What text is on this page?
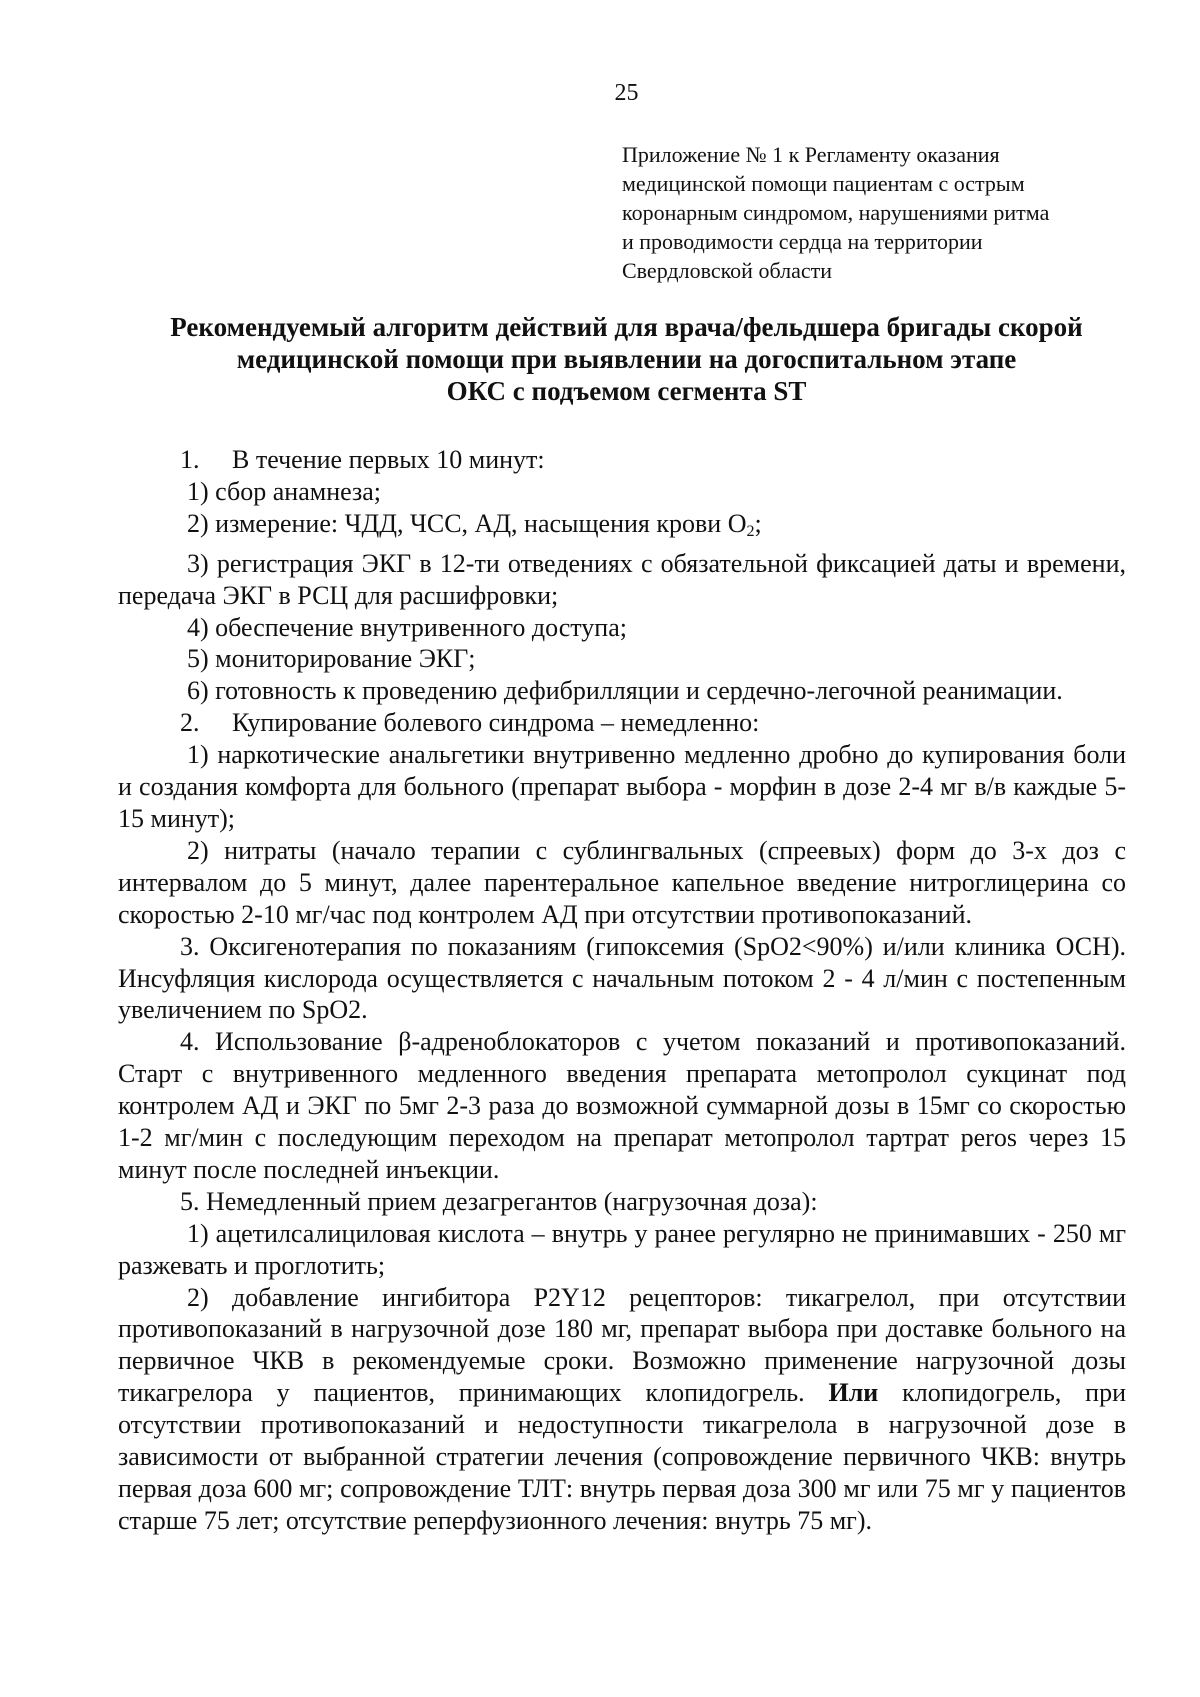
25
Приложение № 1 к Регламенту оказания
медицинской помощи пациентам с острым
коронарным синдромом, нарушениями ритма
и проводимости сердца на территории
Свердловской области
Рекомендуемый алгоритм действий для врача/фельдшера бригады скорой
медицинской помощи при выявлении на догоспитальном этапе
ОКС с подъемом сегмента ST

1.  В течение первых 10 минут:

1) сбор анамнеза;

2) измерение: ЧДД, ЧСС, АД, насыщения крови $О_2$;

3) регистрация ЭКГ в 12-ти отведениях с обязательной фиксацией даты и времени, передача ЭКГ в РСЦ для расшифровки;

4) обеспечение внутривенного доступа;

5) мониторирование ЭКГ;

6) готовность к проведению дефибрилляции и сердечно-легочной реанимации.

2.  Купирование болевого синдрома – немедленно:

1) наркотические анальгетики внутривенно медленно дробно до купирования боли и создания комфорта для больного (препарат выбора - морфин в дозе 2-4 мг в/в каждые 5-15 минут);

2) нитраты (начало терапии с сублингвальных (спреевых) форм до 3-х доз с интервалом до 5 минут, далее парентеральное капельное введение нитроглицерина со скоростью 2-10 мг/час под контролем АД при отсутствии противопоказаний.

3. Оксигенотерапия по показаниям (гипоксемия (SpO2<90%) и/или клиника ОСН). Инсуфляция кислорода осуществляется с начальным потоком 2 - 4 л/мин с постепенным увеличением по SpO2.

4. Использование β-адреноблокаторов с учетом показаний и противопоказаний. Старт с внутривенного медленного введения препарата метопролол сукцинат под контролем АД и ЭКГ по 5мг 2-3 раза до возможной суммарной дозы в 15мг со скоростью 1-2 мг/мин с последующим переходом на препарат метопролол тартрат peros через 15 минут после последней инъекции.

5. Немедленный прием дезагрегантов (нагрузочная доза):

1) ацетилсалициловая кислота – внутрь у ранее регулярно не принимавших - 250 мг разжевать и проглотить;

2) добавление ингибитора P2Y12 рецепторов: тикагрелол, при отсутствии противопоказаний в нагрузочной дозе 180 мг, препарат выбора при доставке больного на первичное ЧКВ в рекомендуемые сроки. Возможно применение нагрузочной дозы тикагрелора у пациентов, принимающих клопидогрель. Или клопидогрель, при отсутствии противопоказаний и недоступности тикагрелола в нагрузочной дозе в зависимости от выбранной стратегии лечения (сопровождение первичного ЧКВ: внутрь первая доза 600 мг; сопровождение ТЛТ: внутрь первая доза 300 мг или 75 мг у пациентов старше 75 лет; отсутствие реперфузионного лечения: внутрь 75 мг).
